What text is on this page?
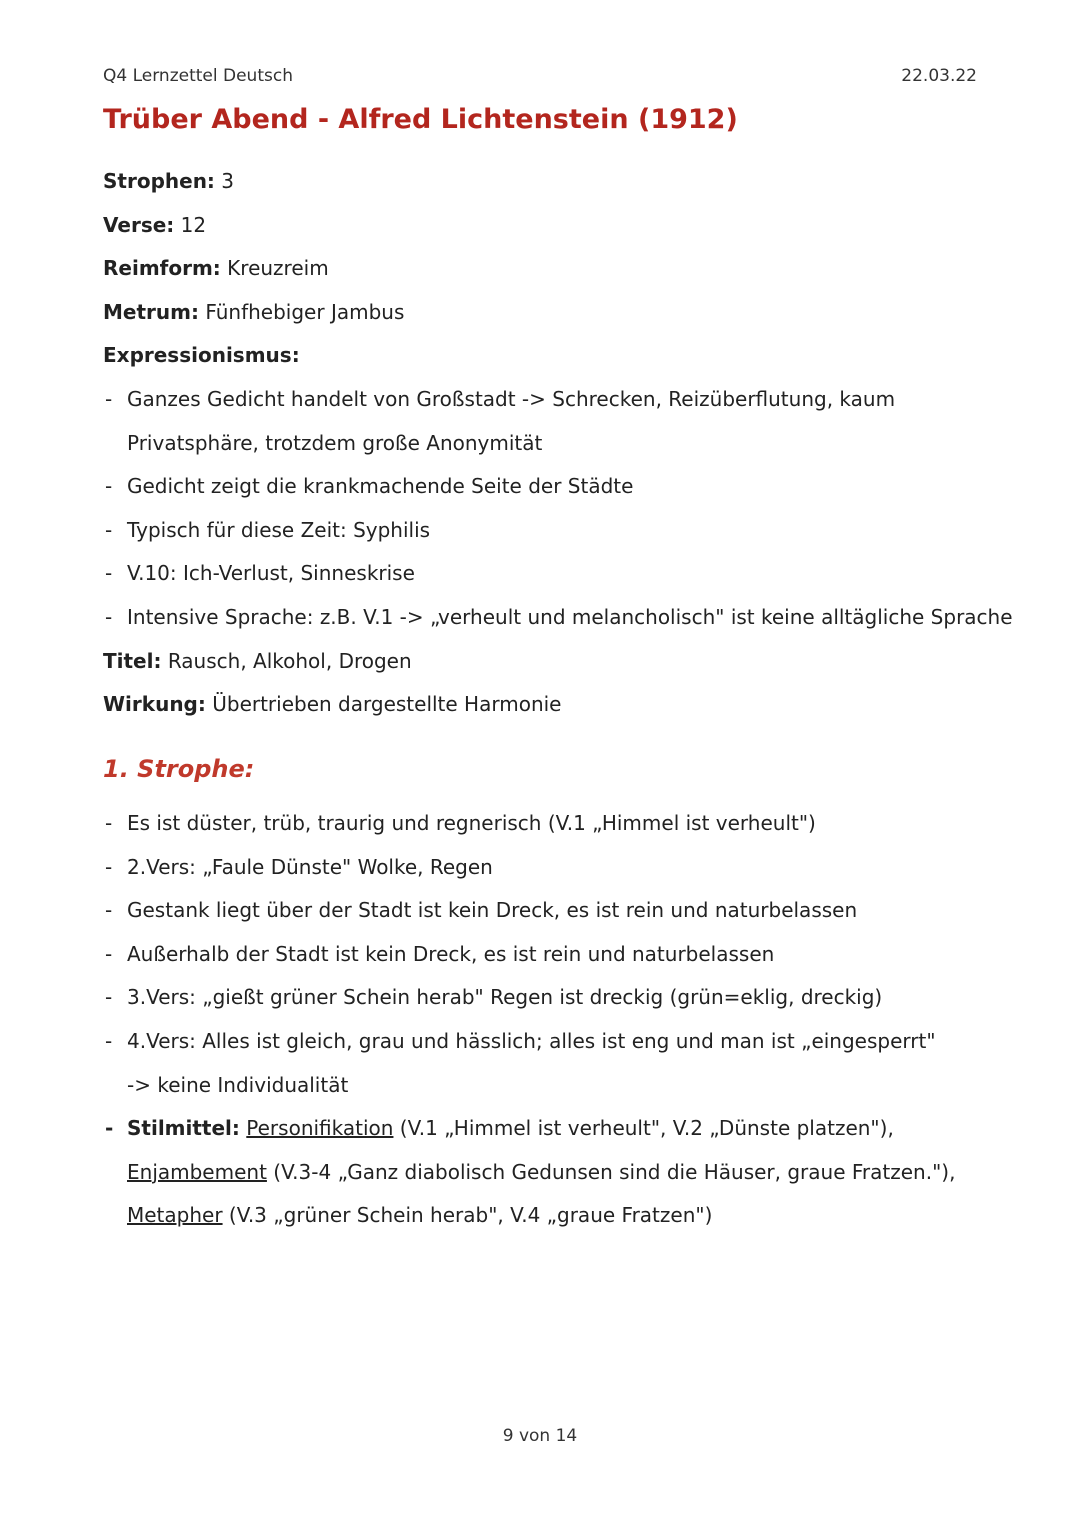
Q4 Lernzettel Deutsch	22.03.22
Trüber Abend - Alfred Lichtenstein (1912)
Strophen: 3
Verse: 12
Reimform: Kreuzreim
Metrum: Fünfhebiger Jambus
Expressionismus:
- Ganzes Gedicht handelt von Großstadt -> Schrecken, Reizüberflutung, kaum
Privatsphäre, trotzdem große Anonymität
- Gedicht zeigt die krankmachende Seite der Städte
- Typisch für diese Zeit: Syphilis
- V.10: Ich-Verlust, Sinneskrise
- Intensive Sprache: z.B. V.1 -> „verheult und melancholisch" ist keine alltägliche Sprache
Titel: Rausch, Alkohol, Drogen
Wirkung: Übertrieben dargestellte Harmonie
1. Strophe:
- Es ist düster, trüb, traurig und regnerisch (V.1 „Himmel ist verheult")
- 2.Vers: „Faule Dünste" Wolke, Regen
- Gestank liegt über der Stadt ist kein Dreck, es ist rein und naturbelassen
- Außerhalb der Stadt ist kein Dreck, es ist rein und naturbelassen
- 3.Vers: „gießt grüner Schein herab" Regen ist dreckig (grün=eklig, dreckig)
- 4.Vers: Alles ist gleich, grau und hässlich; alles ist eng und man ist „eingesperrt"
-> keine Individualität
- Stilmittel: Personifikation (V.1 „Himmel ist verheult", V.2 „Dünste platzen"),
Enjambement (V.3-4 „Ganz diabolisch Gedunsen sind die Häuser, graue Fratzen."),
Metapher (V.3 „grüner Schein herab", V.4 „graue Fratzen")
9 von 14
